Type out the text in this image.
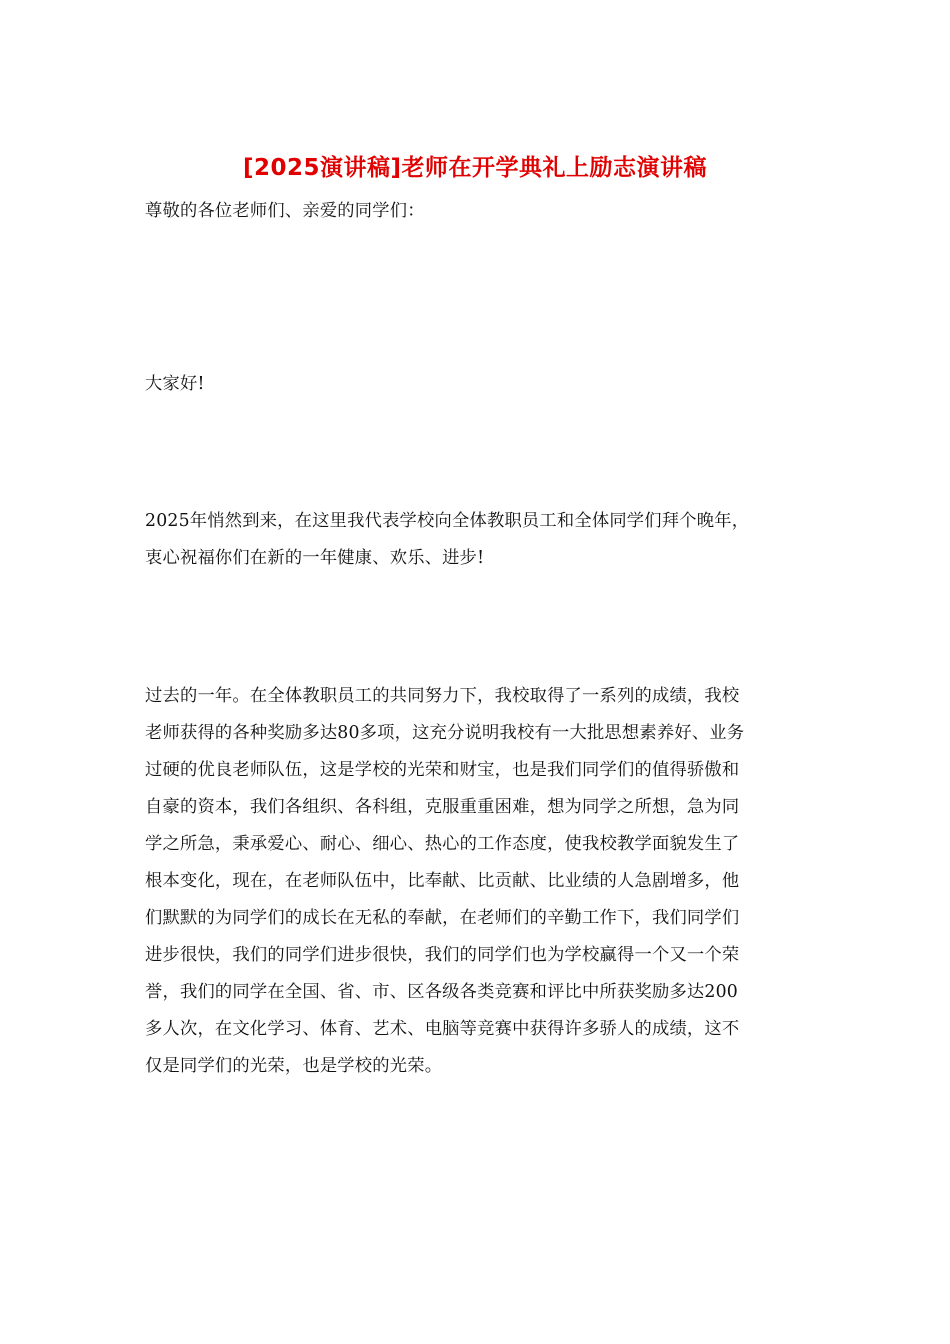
[2025演讲稿]老师在开学典礼上励志演讲稿
尊敬的各位老师们、亲爱的同学们：
大家好!
2025年悄然到来，在这里我代表学校向全体教职员工和全体同学们拜个晚年，
衷心祝福你们在新的一年健康、欢乐、进步!
过去的一年。在全体教职员工的共同努力下，我校取得了一系列的成绩，我校
老师获得的各种奖励多达80多项，这充分说明我校有一大批思想素养好、业务
过硬的优良老师队伍，这是学校的光荣和财宝，也是我们同学们的值得骄傲和
自豪的资本，我们各组织、各科组，克服重重困难，想为同学之所想，急为同
学之所急，秉承爱心、耐心、细心、热心的工作态度，使我校教学面貌发生了
根本变化，现在，在老师队伍中，比奉献、比贡献、比业绩的人急剧增多，他
们默默的为同学们的成长在无私的奉献，在老师们的辛勤工作下，我们同学们
进步很快，我们的同学们进步很快，我们的同学们也为学校赢得一个又一个荣
誉，我们的同学在全国、省、市、区各级各类竞赛和评比中所获奖励多达200
多人次，在文化学习、体育、艺术、电脑等竞赛中获得许多骄人的成绩，这不
仅是同学们的光荣，也是学校的光荣。
